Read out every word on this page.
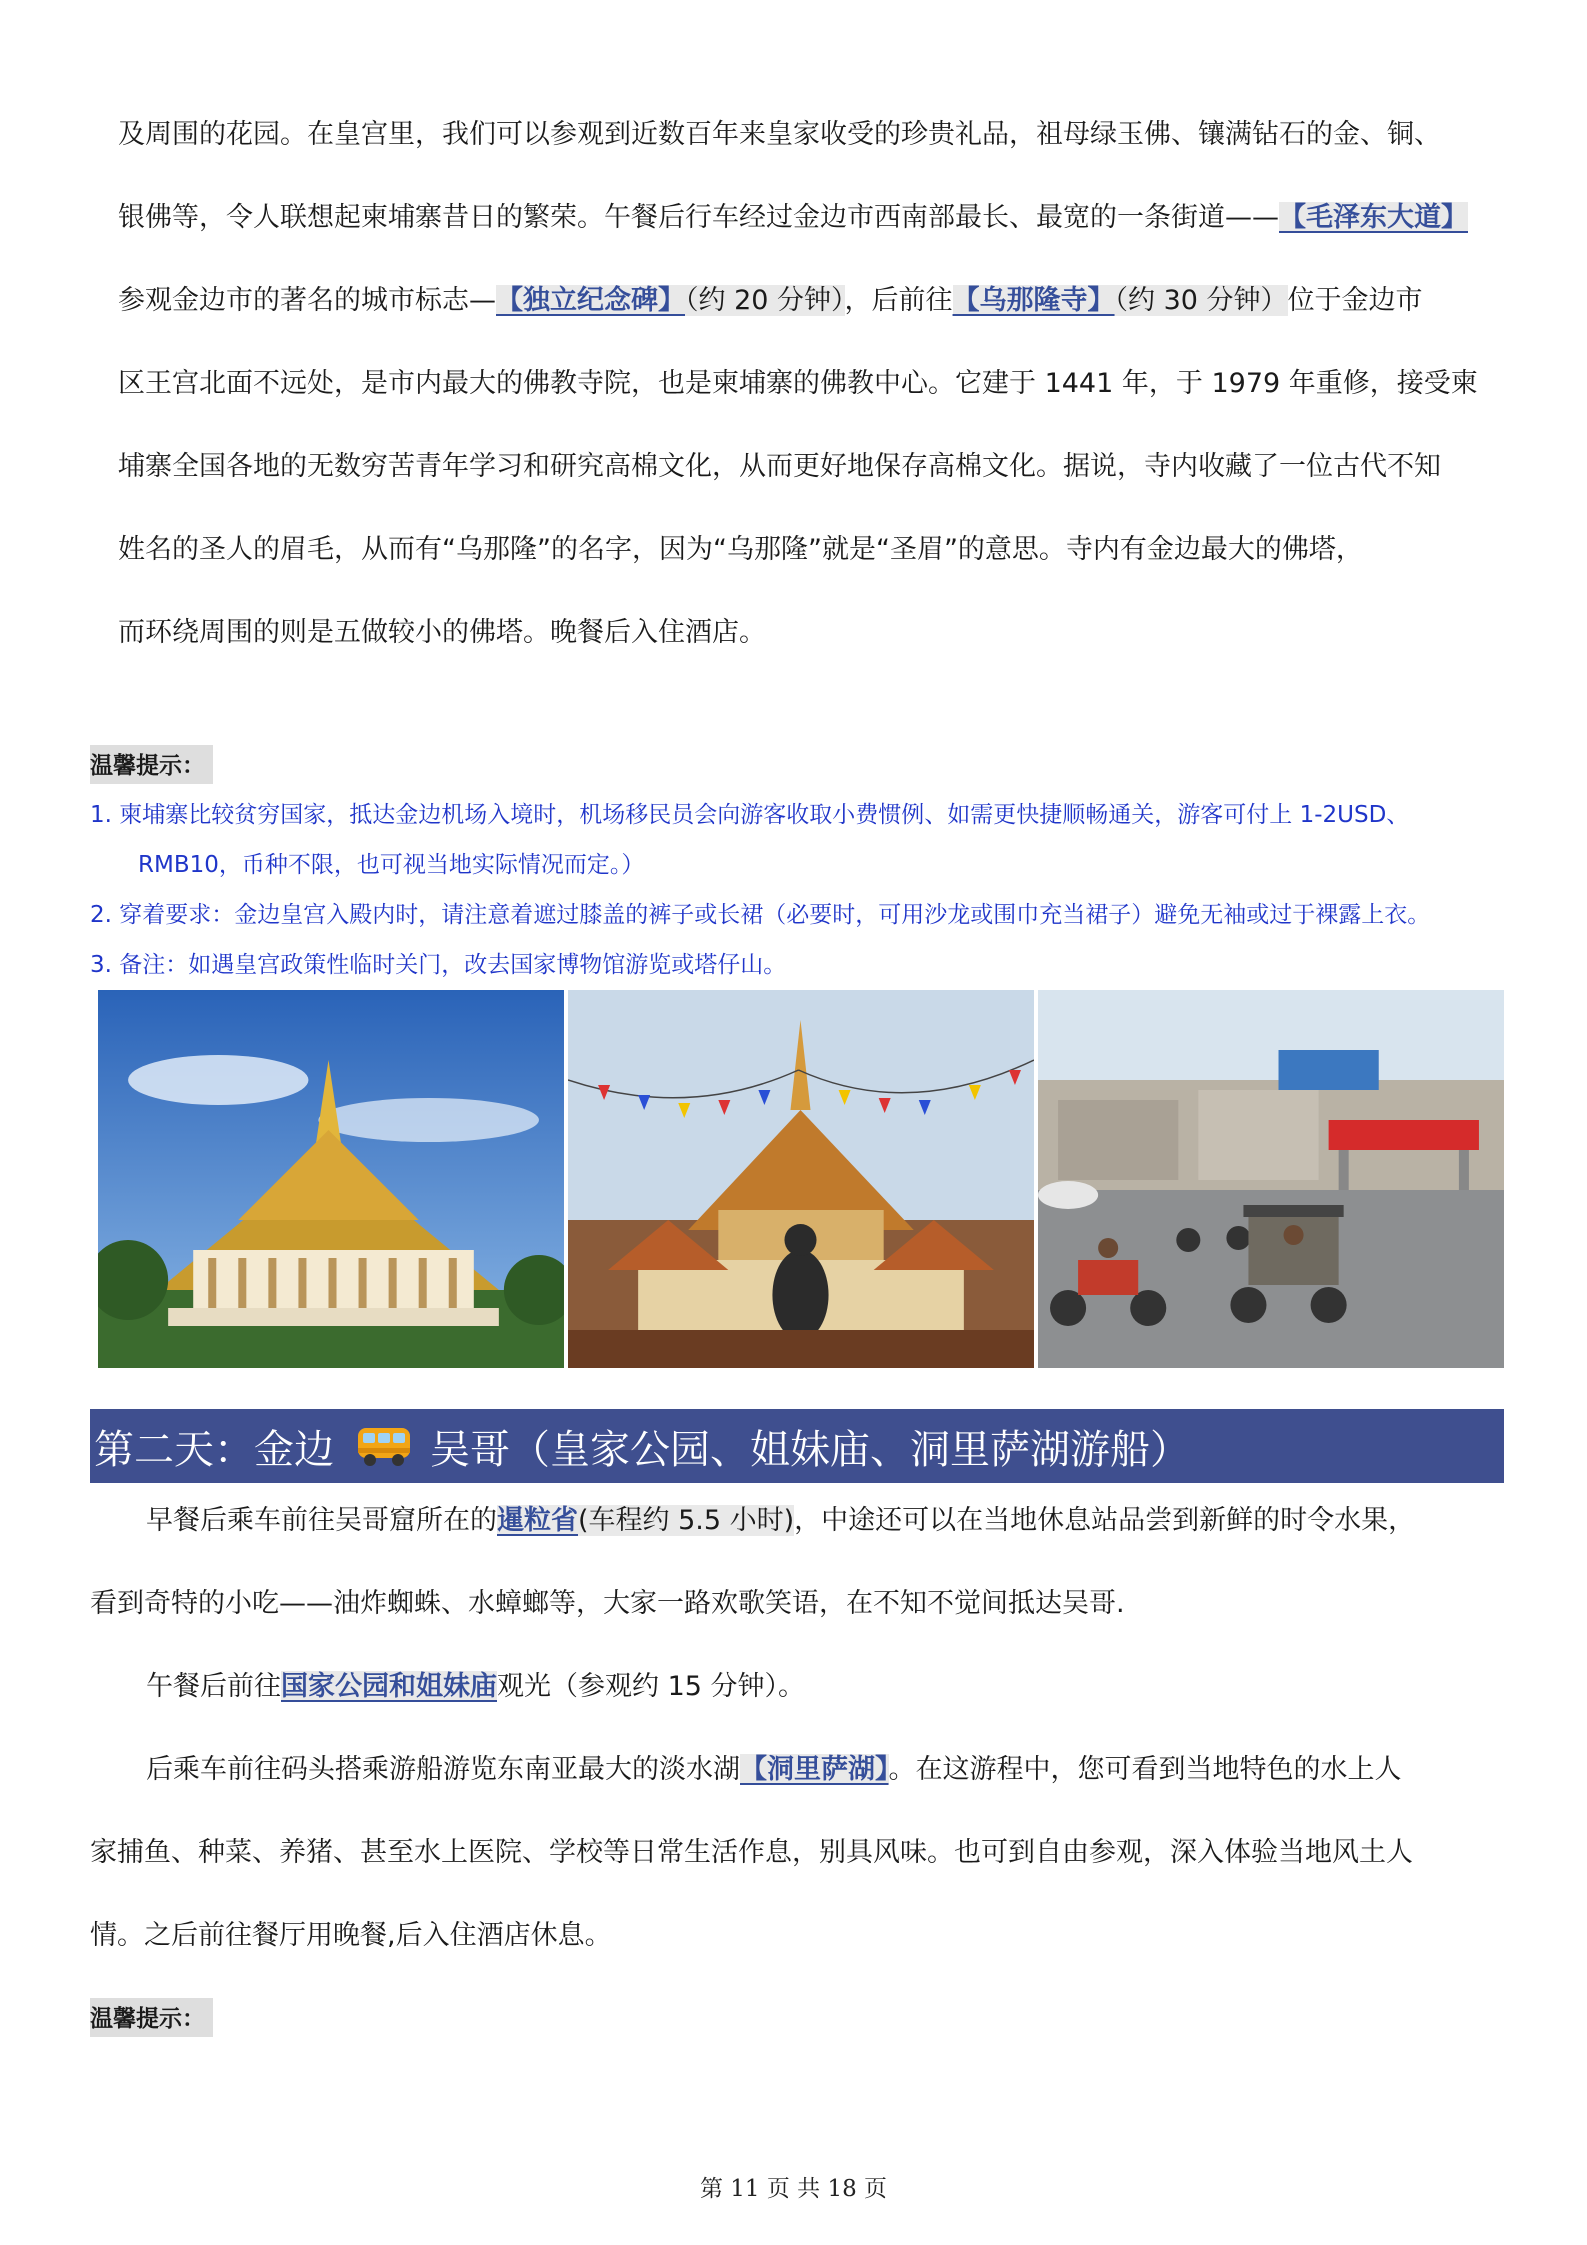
及周围的花园。在皇宫里，我们可以参观到近数百年来皇家收受的珍贵礼品，祖母绿玉佛、镶满钻石的金、铜、

银佛等，令人联想起柬埔寨昔日的繁荣。午餐后行车经过金边市西南部最长、最宽的一条街道——【毛泽东大道】

参观金边市的著名的城市标志—【独立纪念碑】（约 20 分钟），后前往【乌那隆寺】（约 30 分钟）位于金边市

区王宫北面不远处，是市内最大的佛教寺院，也是柬埔寨的佛教中心。它建于 1441 年，于 1979 年重修，接受柬

埔寨全国各地的无数穷苦青年学习和研究高棉文化，从而更好地保存高棉文化。据说，寺内收藏了一位古代不知

姓名的圣人的眉毛，从而有“乌那隆”的名字，因为“乌那隆”就是“圣眉”的意思。寺内有金边最大的佛塔，

而环绕周围的则是五做较小的佛塔。晚餐后入住酒店。

温馨提示：
1. 柬埔寨比较贫穷国家，抵达金边机场入境时，机场移民员会向游客收取小费惯例、如需更快捷顺畅通关，游客可付上 1-2USD、
RMB10，币种不限，也可视当地实际情况而定。）
2. 穿着要求：金边皇宫入殿内时，请注意着遮过膝盖的裤子或长裙（必要时，可用沙龙或围巾充当裙子）避免无袖或过于裸露上衣。
3. 备注：如遇皇宫政策性临时关门，改去国家博物馆游览或塔仔山。
第二天：金边 吴哥（皇家公园、姐妹庙、洞里萨湖游船）

早餐后乘车前往吴哥窟所在的暹粒省(车程约 5.5 小时)，中途还可以在当地休息站品尝到新鲜的时令水果，

看到奇特的小吃——油炸蜘蛛、水蟑螂等，大家一路欢歌笑语，在不知不觉间抵达吴哥.

午餐后前往国家公园和姐妹庙观光（参观约 15 分钟）。

后乘车前往码头搭乘游船游览东南亚最大的淡水湖【洞里萨湖】。在这游程中，您可看到当地特色的水上人

家捕鱼、种菜、养猪、甚至水上医院、学校等日常生活作息，别具风味。也可到自由参观，深入体验当地风土人

情。之后前往餐厅用晚餐,后入住酒店休息。

温馨提示：
第 11 页 共 18 页
